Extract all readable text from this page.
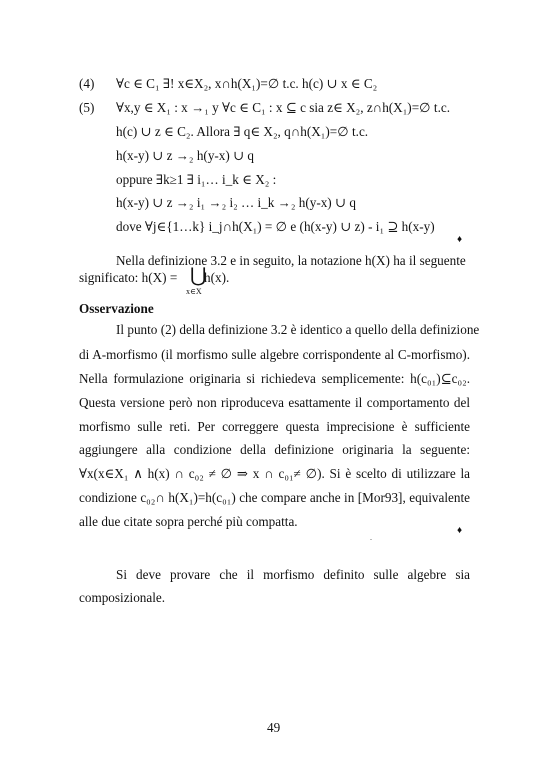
(4) ∀c ∈ C₁ ∃! x∈X₂, x∩h(X₁)=∅ t.c. h(c) ∪ x ∈ C₂
(5) ∀x,y ∈ X₁ : x →₁ y ∀c ∈ C₁ : x ⊆ c sia z∈ X₂, z∩h(X₁)=∅ t.c.
h(c) ∪ z ∈ C₂. Allora ∃ q∈ X₂, q∩h(X₁)=∅ t.c.
h(x-y) ∪ z →₂ h(y-x) ∪ q
oppure ∃k≥1 ∃ i₁… i_k ∈ X₂ :
h(x-y) ∪ z →₂ i₁ →₂ i₂ … i_k →₂ h(y-x) ∪ q
dove ∀j∈{1…k} i_j∩h(X₁) = ∅ e (h(x-y) ∪ z) - i₁ ⊇ h(x-y)
♦
Nella definizione 3.2 e in seguito, la notazione h(X) ha il seguente
significato: h(X) = ⋃
h(x).
x∈X
Osservazione
Il punto (2) della definizione 3.2 è identico a quello della definizione
di A-morfismo (il morfismo sulle algebre corrispondente al C-morfismo).
Nella formulazione originaria si richiedeva semplicemente: h(c₀₁)⊆c₀₂.
Questa versione però non riproduceva esattamente il comportamento del
morfismo sulle reti. Per correggere questa imprecisione è sufficiente
aggiungere alla condizione della definizione originaria la seguente:
∀x(x∈X₁ ∧ h(x) ∩ c₀₂ ≠ ∅ ⇒ x ∩ c₀₁≠ ∅). Si è scelto di utilizzare la
condizione c₀₂∩ h(X₁)=h(c₀₁) che compare anche in [Mor93], equivalente
alle due citate sopra perché più compatta.
♦
Si deve provare che il morfismo definito sulle algebre sia
composizionale.
49
